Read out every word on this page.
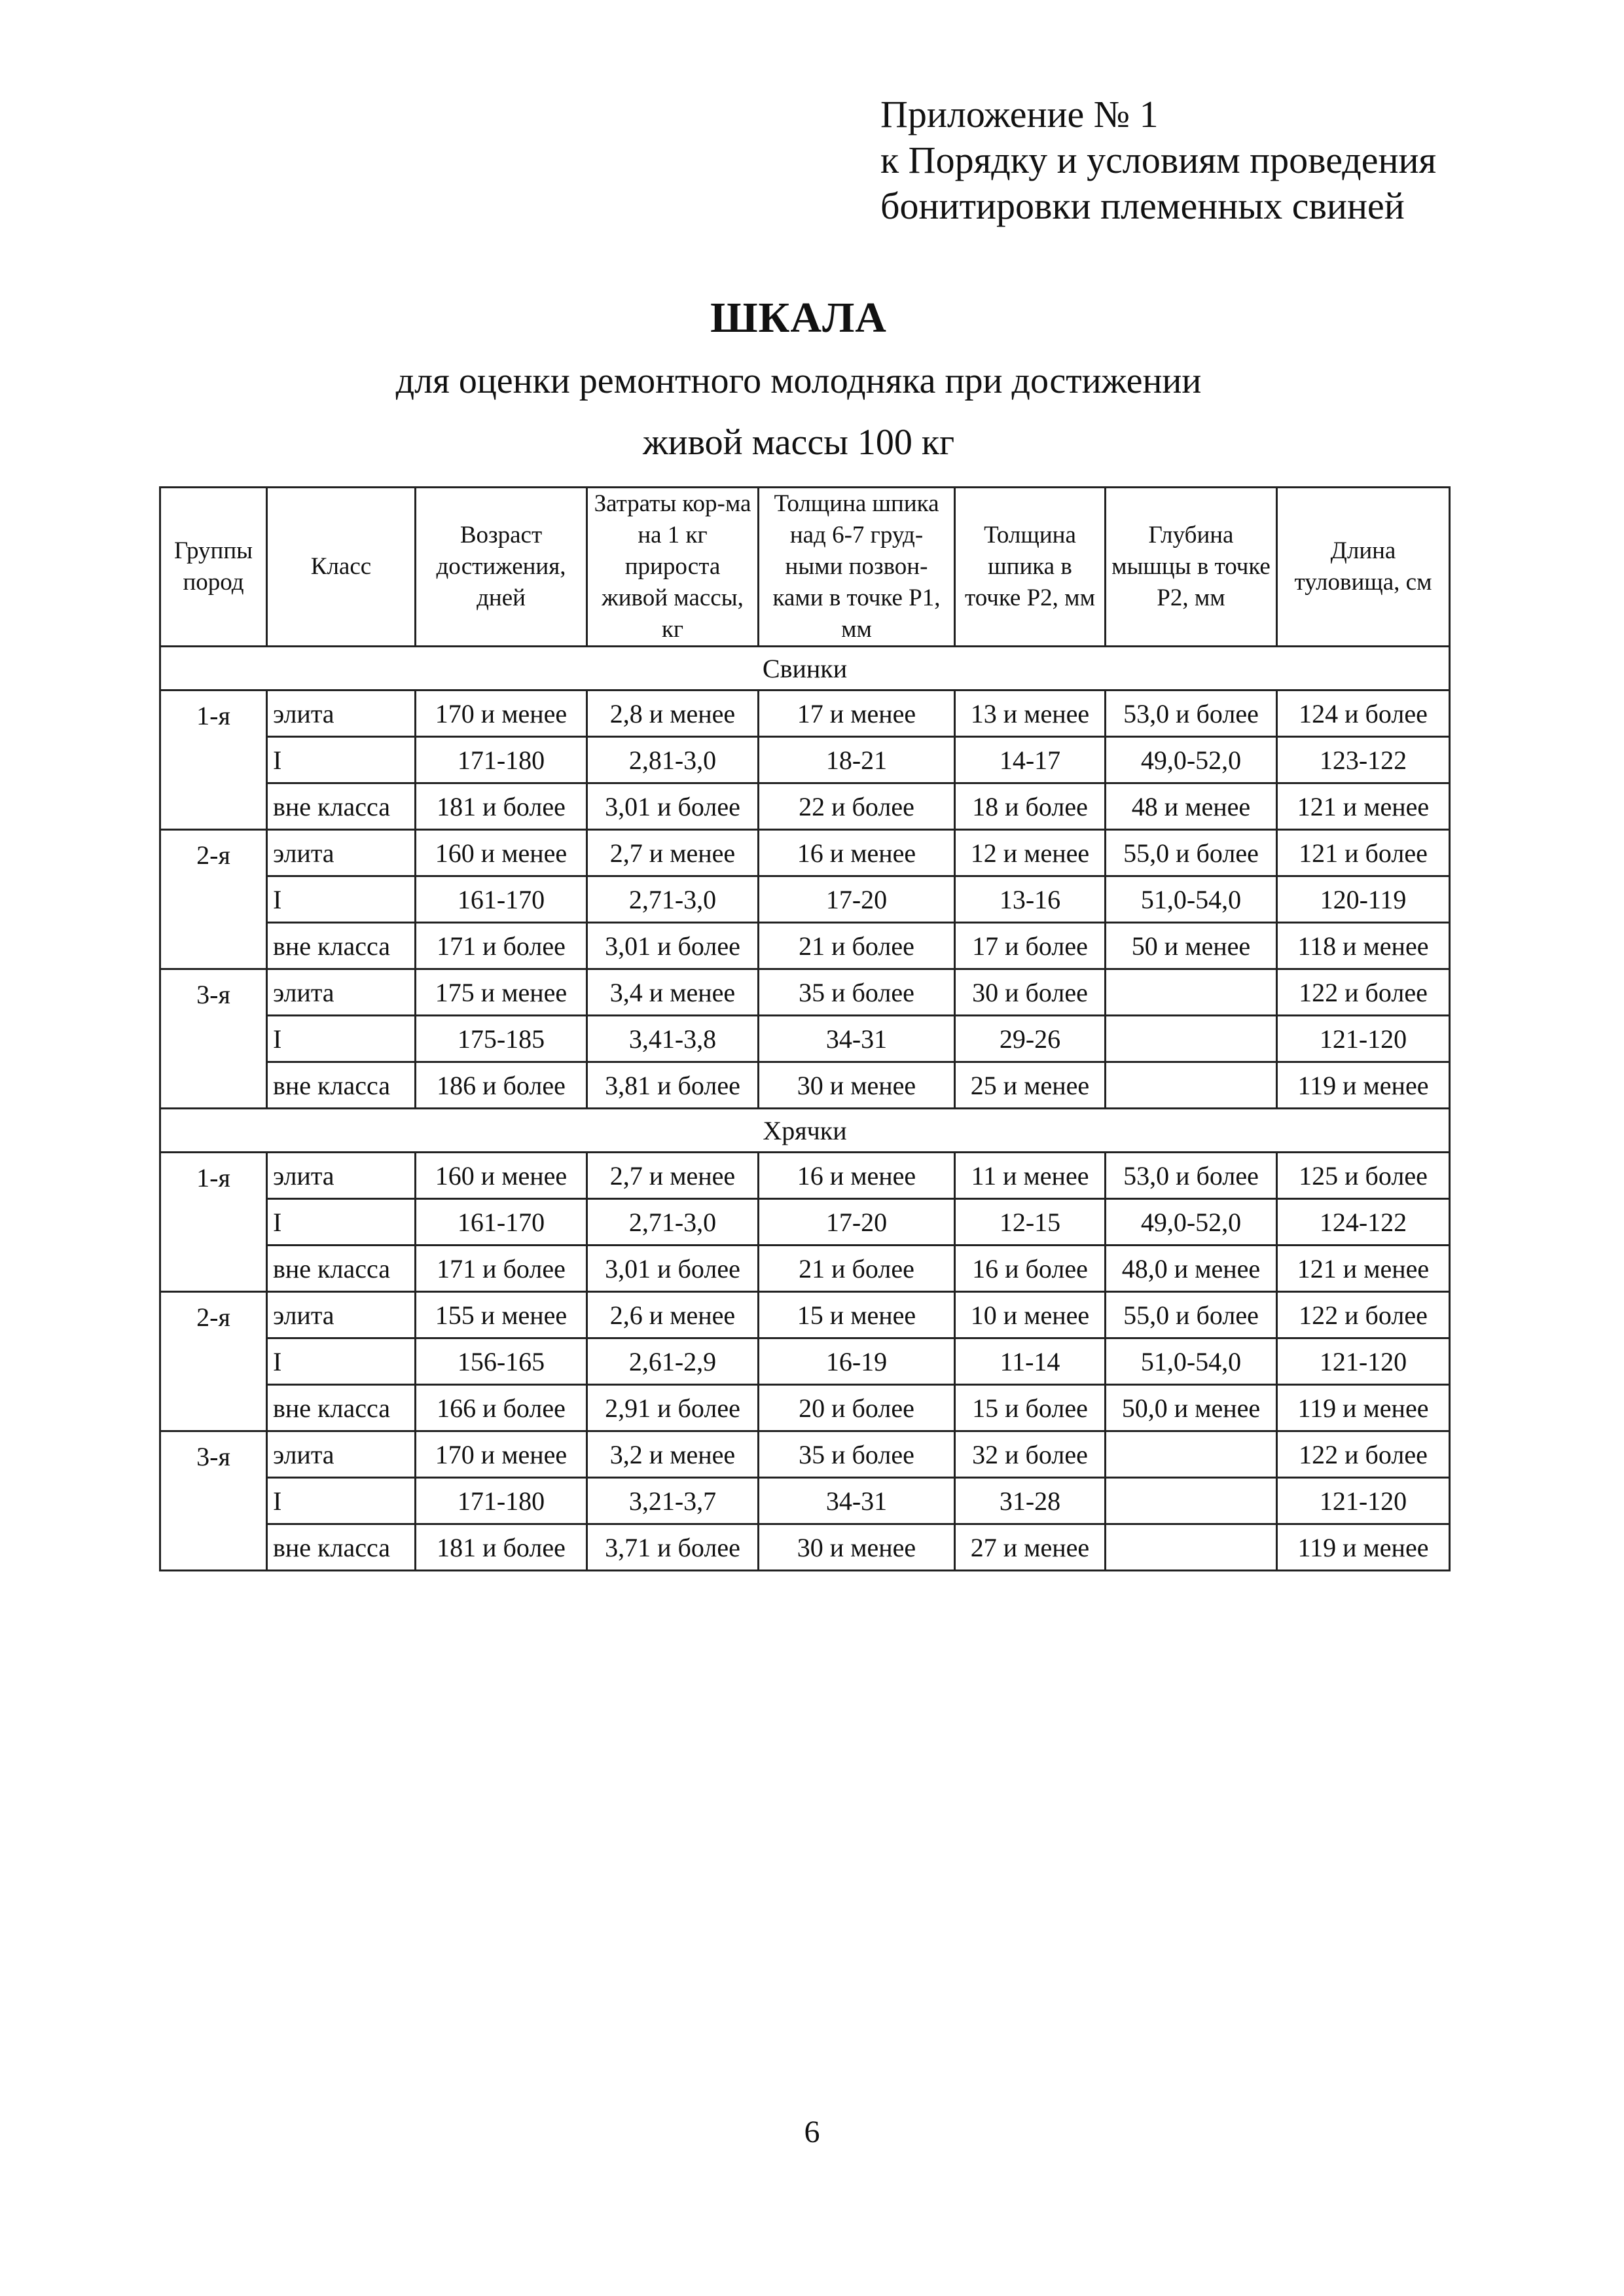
Приложение № 1
к Порядку и условиям проведения
бонитировки племенных свиней
ШКАЛА
для оценки ремонтного молодняка при достижении
живой массы 100 кг
Группы пород	Класс	Возраст достижения, дней	Затраты кор-ма на 1 кг прироста живой массы, кг	Толщина шпика над 6-7 груд-ными позвон-ками в точке Р1, мм	Толщина шпика в точке Р2, мм	Глубина мышцы в точке Р2, мм	Длина туловища, см
Свинки							
1-я	элита	170 и менее	2,8 и менее	17 и менее	13 и менее	53,0 и более	124 и более
	I	171-180	2,81-3,0	18-21	14-17	49,0-52,0	123-122
	вне класса	181 и более	3,01 и более	22 и более	18 и более	48 и менее	121 и менее
2-я	элита	160 и менее	2,7 и менее	16 и менее	12 и менее	55,0 и более	121 и более
	I	161-170	2,71-3,0	17-20	13-16	51,0-54,0	120-119
	вне класса	171 и более	3,01 и более	21 и более	17 и более	50 и менее	118 и менее
3-я	элита	175 и менее	3,4 и менее	35 и более	30 и более		122 и более
	I	175-185	3,41-3,8	34-31	29-26		121-120
	вне класса	186 и более	3,81 и более	30 и менее	25 и менее		119 и менее
Хрячки							
1-я	элита	160 и менее	2,7 и менее	16 и менее	11 и менее	53,0 и более	125 и более
	I	161-170	2,71-3,0	17-20	12-15	49,0-52,0	124-122
	вне класса	171 и более	3,01 и более	21 и более	16 и более	48,0 и менее	121 и менее
2-я	элита	155 и менее	2,6 и менее	15 и менее	10 и менее	55,0 и более	122 и более
	I	156-165	2,61-2,9	16-19	11-14	51,0-54,0	121-120
	вне класса	166 и более	2,91 и более	20 и более	15 и более	50,0 и менее	119 и менее
3-я	элита	170 и менее	3,2 и менее	35 и более	32 и более		122 и более
	I	171-180	3,21-3,7	34-31	31-28		121-120
	вне класса	181 и более	3,71 и более	30 и менее	27 и менее		119 и менее
6
